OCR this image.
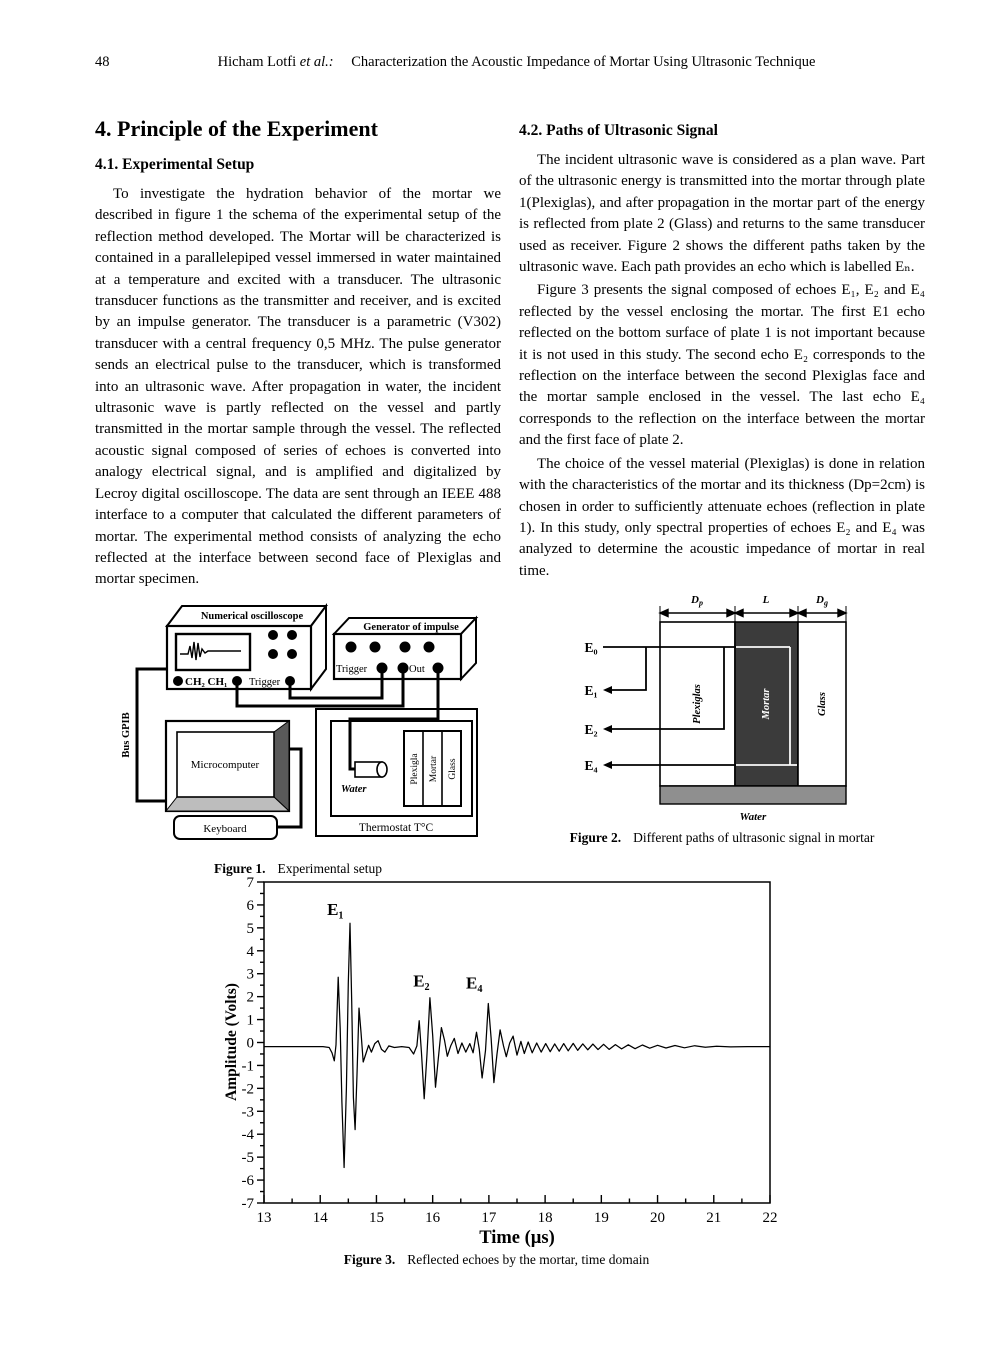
48	Hicham Lotfi et al.: Characterization the Acoustic Impedance of Mortar Using Ultrasonic Technique
4. Principle of the Experiment
4.1. Experimental Setup

To investigate the hydration behavior of the mortar we described in figure 1 the schema of the experimental setup of the reflection method developed. The Mortar will be characterized is contained in a parallelepiped vessel immersed in water maintained at a temperature and excited with a transducer. The ultrasonic transducer functions as the transmitter and receiver, and is excited by an impulse generator. The transducer is a parametric (V302) transducer with a central frequency 0,5 MHz. The pulse generator sends an electrical pulse to the transducer, which is transformed into an ultrasonic wave. After propagation in water, the incident ultrasonic wave is partly reflected on the vessel and partly transmitted in the mortar sample through the vessel. The reflected acoustic signal composed of series of echoes is converted into analogy electrical signal, and is amplified and digitalized by Lecroy digital oscilloscope. The data are sent through an IEEE 488 interface to a computer that calculated the different parameters of mortar. The experimental method consists of analyzing the echo reflected at the interface between second face of Plexiglas and mortar specimen.

Numerical oscilloscope
CH₂ CH₁ Trigger
Generator of impulse
Trigger	Out
Bus GPIB
Microcomputer
Keyboard
Water
Plexigla Mortar Glass
Thermostat T°C
Figure 1. Experimental setup
4.2. Paths of Ultrasonic Signal

The incident ultrasonic wave is considered as a plan wave. Part of the ultrasonic energy is transmitted into the mortar through plate 1(Plexiglas), and after propagation in the mortar part of the energy is reflected from plate 2 (Glass) and returns to the same transducer used as receiver. Figure 2 shows the different paths taken by the ultrasonic wave. Each path provides an echo which is labelled Eₙ.

Figure 3 presents the signal composed of echoes E₁, E₂ and E₄ reflected by the vessel enclosing the mortar. The first E1 echo reflected on the bottom surface of plate 1 is not important because it is not used in this study. The second echo E₂ corresponds to the reflection on the interface between the second Plexiglas face and the mortar sample enclosed in the vessel. The last echo E₄ corresponds to the reflection on the interface between the mortar and the first face of plate 2.

The choice of the vessel material (Plexiglas) is done in relation with the characteristics of the mortar and its thickness (Dp=2cm) is chosen in order to sufficiently attenuate echoes (reflection in plate 1). In this study, only spectral properties of echoes E₂ and E₄ was analyzed to determine the acoustic impedance of mortar in real time.

$D_p$	L	$D_g$
E₀
E₁
E₂
E₄
Plexiglas	Mortar	Glass
Water
Figure 2. Different paths of ultrasonic signal in mortar
13	14	15	16	17	18	19	20	21	22
-7
-6
-5
-4
-3
-2
-1
0
1
2
3
4
5
6
7
E₁
E₂ E₄
Amplitude (Volts)
Time (µs)
Figure 3. Reflected echoes by the mortar, time domain
